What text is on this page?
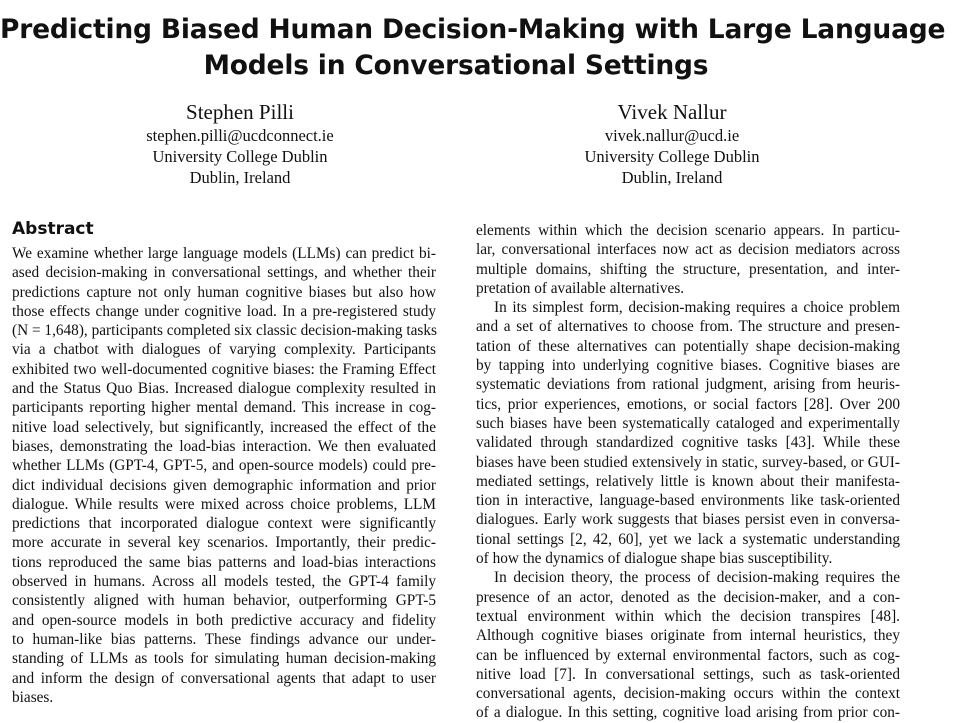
Predicting Biased Human Decision-Making with Large Language
Models in Conversational Settings
Stephen Pilli
stephen.pilli@ucdconnect.ie
University College Dublin
Dublin, Ireland
Vivek Nallur
vivek.nallur@ucd.ie
University College Dublin
Dublin, Ireland
Abstract
We examine whether large language models (LLMs) can predict bi-
ased decision-making in conversational settings, and whether their
predictions capture not only human cognitive biases but also how
those effects change under cognitive load. In a pre-registered study
(N = 1,648), participants completed six classic decision-making tasks
via a chatbot with dialogues of varying complexity. Participants
exhibited two well-documented cognitive biases: the Framing Effect
and the Status Quo Bias. Increased dialogue complexity resulted in
participants reporting higher mental demand. This increase in cog-
nitive load selectively, but significantly, increased the effect of the
biases, demonstrating the load-bias interaction. We then evaluated
whether LLMs (GPT-4, GPT-5, and open-source models) could pre-
dict individual decisions given demographic information and prior
dialogue. While results were mixed across choice problems, LLM
predictions that incorporated dialogue context were significantly
more accurate in several key scenarios. Importantly, their predic-
tions reproduced the same bias patterns and load-bias interactions
observed in humans. Across all models tested, the GPT-4 family
consistently aligned with human behavior, outperforming GPT-5
and open-source models in both predictive accuracy and fidelity
to human-like bias patterns. These findings advance our under-
standing of LLMs as tools for simulating human decision-making
and inform the design of conversational agents that adapt to user
biases.
elements within which the decision scenario appears. In particu-
lar, conversational interfaces now act as decision mediators across
multiple domains, shifting the structure, presentation, and inter-
pretation of available alternatives.
In its simplest form, decision-making requires a choice problem
and a set of alternatives to choose from. The structure and presen-
tation of these alternatives can potentially shape decision-making
by tapping into underlying cognitive biases. Cognitive biases are
systematic deviations from rational judgment, arising from heuris-
tics, prior experiences, emotions, or social factors [28]. Over 200
such biases have been systematically cataloged and experimentally
validated through standardized cognitive tasks [43]. While these
biases have been studied extensively in static, survey-based, or GUI-
mediated settings, relatively little is known about their manifesta-
tion in interactive, language-based environments like task-oriented
dialogues. Early work suggests that biases persist even in conversa-
tional settings [2, 42, 60], yet we lack a systematic understanding
of how the dynamics of dialogue shape bias susceptibility.
In decision theory, the process of decision-making requires the
presence of an actor, denoted as the decision-maker, and a con-
textual environment within which the decision transpires [48].
Although cognitive biases originate from internal heuristics, they
can be influenced by external environmental factors, such as cog-
nitive load [7]. In conversational settings, such as task-oriented
conversational agents, decision-making occurs within the context
of a dialogue. In this setting, cognitive load arising from prior con-
